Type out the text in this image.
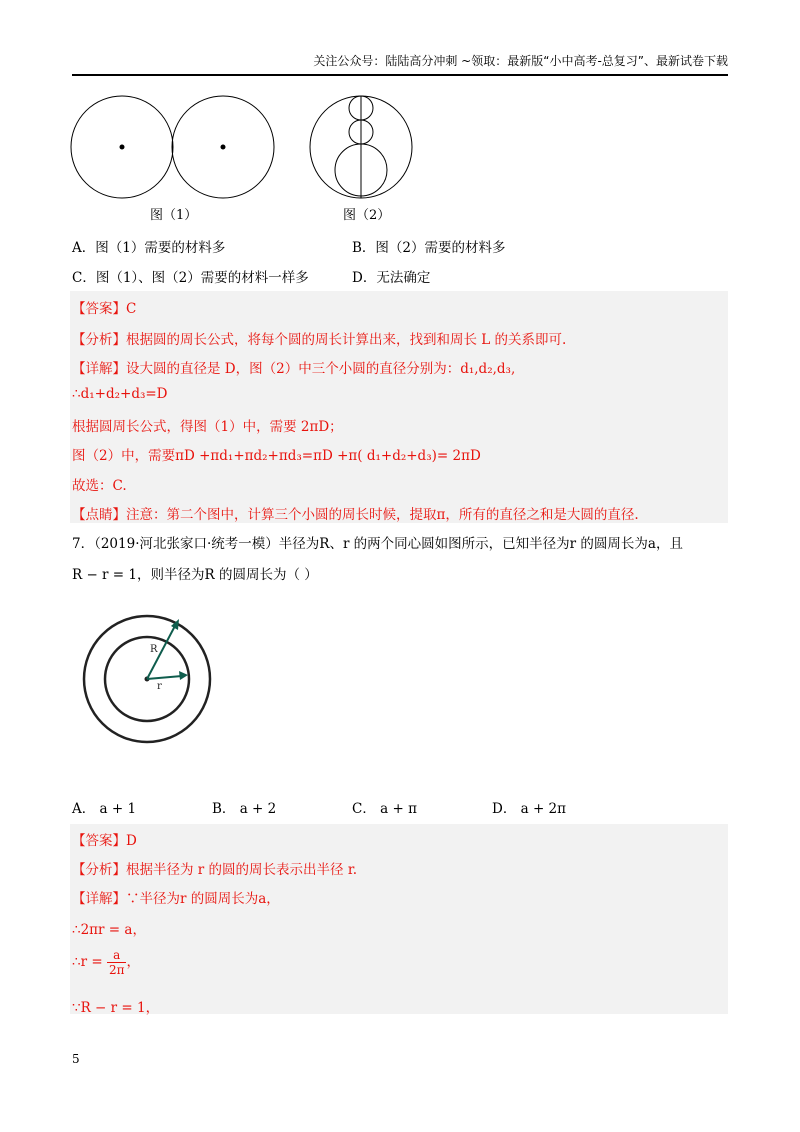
关注公众号：陆陆高分冲刺 ~领取：最新版“小中高考-总复习”、最新试卷下载
图（1）	图（2）
A．图（1）需要的材料多	B．图（2）需要的材料多
C．图（1）、图（2）需要的材料一样多	D．无法确定
【答案】C
【分析】根据圆的周长公式，将每个圆的周长计算出来，找到和周长 L 的关系即可.
【详解】设大圆的直径是 D，图（2）中三个小圆的直径分别为：d₁,d₂,d₃,
∴d₁+d₂+d₃=D
根据圆周长公式，得图（1）中，需要 2πD；
图（2）中，需要πD +πd₁+πd₂+πd₃=πD +π( d₁+d₂+d₃)= 2πD
故选：C.
【点睛】注意：第二个图中，计算三个小圆的周长时候，提取π，所有的直径之和是大圆的直径.
7．（2019·河北张家口·统考一模）半径为R、r 的两个同心圆如图所示，已知半径为r 的圆周长为a，且
R − r = 1，则半径为R 的圆周长为（ ）
R
r
A． a + 1	B． a + 2	C． a + π	D． a + 2π
【答案】D
【分析】根据半径为 r 的圆的周长表示出半径 r.
【详解】∵半径为r 的圆周长为a，
∴2πr = a，
∴r = $\frac{a}{2\pi}$ ，
∵R − r = 1，
5
